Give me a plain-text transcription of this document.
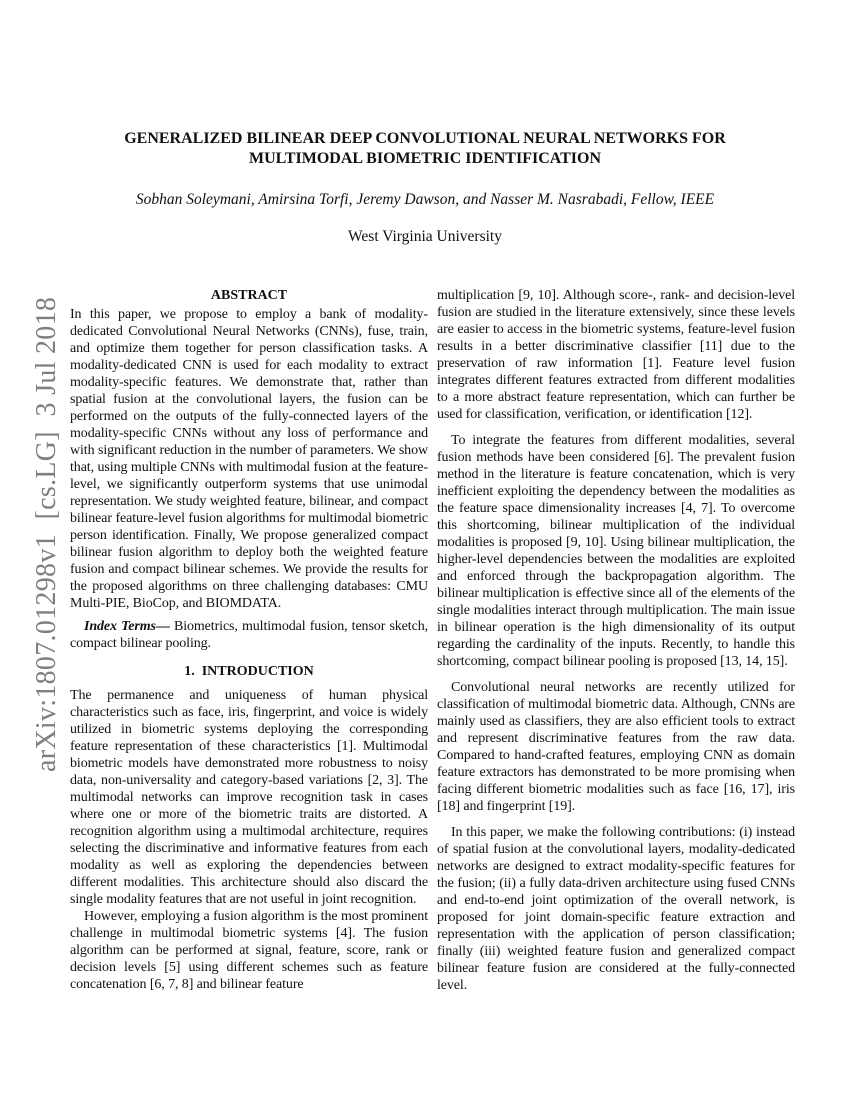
arXiv:1807.01298v1  [cs.LG]  3 Jul 2018
GENERALIZED BILINEAR DEEP CONVOLUTIONAL NEURAL NETWORKS FOR
MULTIMODAL BIOMETRIC IDENTIFICATION
Sobhan Soleymani, Amirsina Torfi, Jeremy Dawson, and Nasser M. Nasrabadi, Fellow, IEEE
West Virginia University
ABSTRACT

In this paper, we propose to employ a bank of modality-dedicated Convolutional Neural Networks (CNNs), fuse, train, and optimize them together for person classification tasks. A modality-dedicated CNN is used for each modality to extract modality-specific features. We demonstrate that, rather than spatial fusion at the convolutional layers, the fusion can be performed on the outputs of the fully-connected layers of the modality-specific CNNs without any loss of performance and with significant reduction in the number of parameters. We show that, using multiple CNNs with multimodal fusion at the feature-level, we significantly outperform systems that use unimodal representation. We study weighted feature, bilinear, and compact bilinear feature-level fusion algorithms for multimodal biometric person identification. Finally, We propose generalized compact bilinear fusion algorithm to deploy both the weighted feature fusion and compact bilinear schemes. We provide the results for the proposed algorithms on three challenging databases: CMU Multi-PIE, BioCop, and BIOMDATA.

Index Terms— Biometrics, multimodal fusion, tensor sketch, compact bilinear pooling.

1.  INTRODUCTION

The permanence and uniqueness of human physical characteristics such as face, iris, fingerprint, and voice is widely utilized in biometric systems deploying the corresponding feature representation of these characteristics [1]. Multimodal biometric models have demonstrated more robustness to noisy data, non-universality and category-based variations [2, 3]. The multimodal networks can improve recognition task in cases where one or more of the biometric traits are distorted. A recognition algorithm using a multimodal architecture, requires selecting the discriminative and informative features from each modality as well as exploring the dependencies between different modalities. This architecture should also discard the single modality features that are not useful in joint recognition.

However, employing a fusion algorithm is the most prominent challenge in multimodal biometric systems [4]. The fusion algorithm can be performed at signal, feature, score, rank or decision levels [5] using different schemes such as feature concatenation [6, 7, 8] and bilinear feature

multiplication [9, 10]. Although score-, rank- and decision-level fusion are studied in the literature extensively, since these levels are easier to access in the biometric systems, feature-level fusion results in a better discriminative classifier [11] due to the preservation of raw information [1]. Feature level fusion integrates different features extracted from different modalities to a more abstract feature representation, which can further be used for classification, verification, or identification [12].

To integrate the features from different modalities, several fusion methods have been considered [6]. The prevalent fusion method in the literature is feature concatenation, which is very inefficient exploiting the dependency between the modalities as the feature space dimensionality increases [4, 7]. To overcome this shortcoming, bilinear multiplication of the individual modalities is proposed [9, 10]. Using bilinear multiplication, the higher-level dependencies between the modalities are exploited and enforced through the backpropagation algorithm. The bilinear multiplication is effective since all of the elements of the single modalities interact through multiplication. The main issue in bilinear operation is the high dimensionality of its output regarding the cardinality of the inputs. Recently, to handle this shortcoming, compact bilinear pooling is proposed [13, 14, 15].

Convolutional neural networks are recently utilized for classification of multimodal biometric data. Although, CNNs are mainly used as classifiers, they are also efficient tools to extract and represent discriminative features from the raw data. Compared to hand-crafted features, employing CNN as domain feature extractors has demonstrated to be more promising when facing different biometric modalities such as face [16, 17], iris [18] and fingerprint [19].

In this paper, we make the following contributions: (i) instead of spatial fusion at the convolutional layers, modality-dedicated networks are designed to extract modality-specific features for the fusion; (ii) a fully data-driven architecture using fused CNNs and end-to-end joint optimization of the overall network, is proposed for joint domain-specific feature extraction and representation with the application of person classification; finally (iii) weighted feature fusion and generalized compact bilinear feature fusion are considered at the fully-connected level.
